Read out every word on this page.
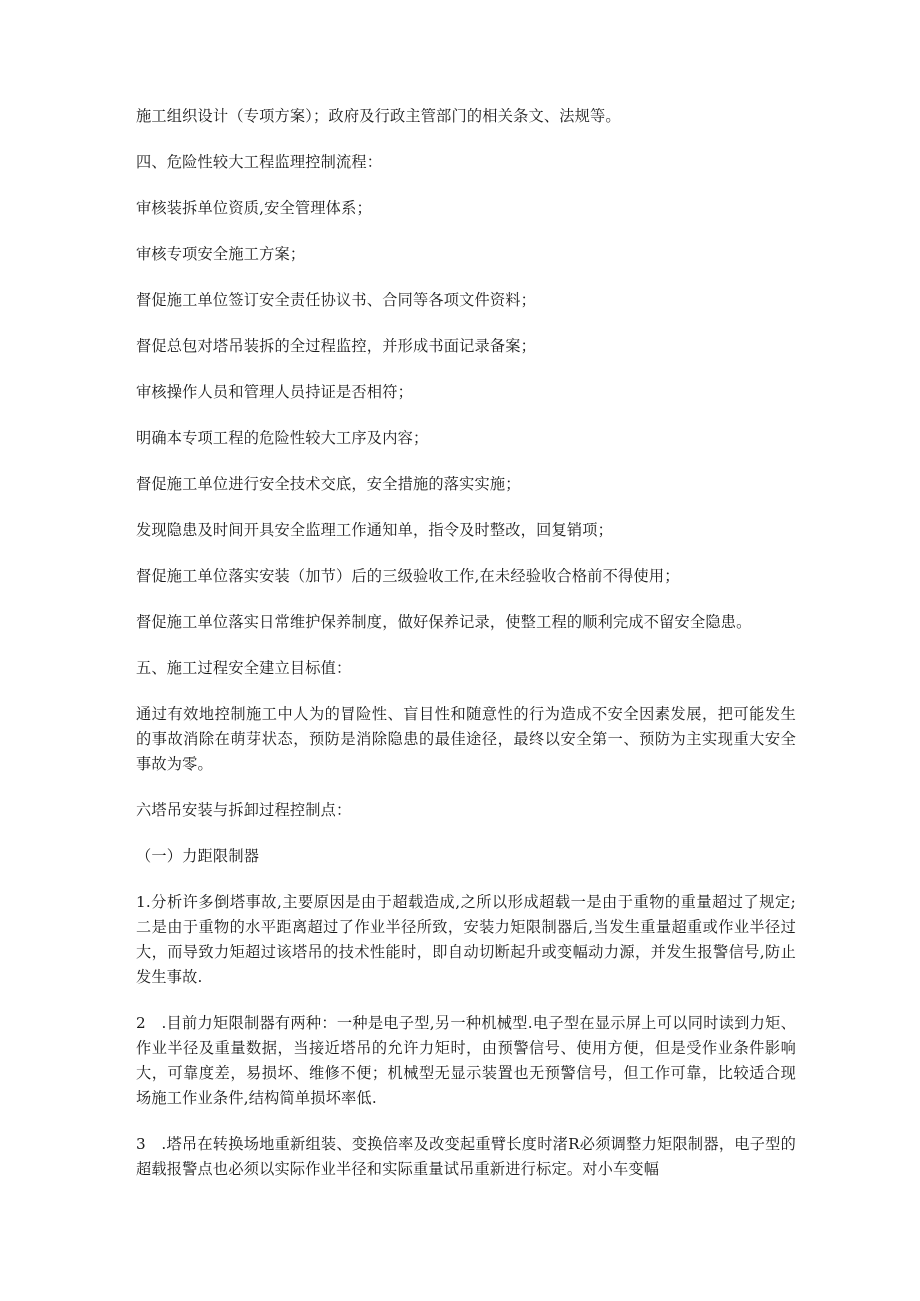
施工组织设计（专项方案）；政府及行政主管部门的相关条文、法规等。

四、危险性较大工程监理控制流程：

审核装拆单位资质,安全管理体系；

审核专项安全施工方案；

督促施工单位签订安全责任协议书、合同等各项文件资料；

督促总包对塔吊装拆的全过程监控，并形成书面记录备案；

审核操作人员和管理人员持证是否相符；

明确本专项工程的危险性较大工序及内容；

督促施工单位进行安全技术交底，安全措施的落实实施；

发现隐患及时间开具安全监理工作通知单，指令及时整改，回复销项；

督促施工单位落实安装（加节）后的三级验收工作,在未经验收合格前不得使用；

督促施工单位落实日常维护保养制度，做好保养记录，使整工程的顺利完成不留安全隐患。

五、施工过程安全建立目标值：

通过有效地控制施工中人为的冒险性、盲目性和随意性的行为造成不安全因素发展，把可能发生的事故消除在萌芽状态，预防是消除隐患的最佳途径，最终以安全第一、预防为主实现重大安全事故为零。

六塔吊安装与拆卸过程控制点：

（一）力距限制器

1.分析许多倒塔事故,主要原因是由于超载造成,之所以形成超载一是由于重物的重量超过了规定;二是由于重物的水平距离超过了作业半径所致，安装力矩限制器后,当发生重量超重或作业半径过大，而导致力矩超过该塔吊的技术性能时，即自动切断起升或变幅动力源，并发生报警信号,防止发生事故.

2　.目前力矩限制器有两种：一种是电子型,另一种机械型.电子型在显示屏上可以同时读到力矩、作业半径及重量数据，当接近塔吊的允许力矩时，由预警信号、使用方便，但是受作业条件影响大，可靠度差，易损坏、维修不便；机械型无显示装置也无预警信号，但工作可靠，比较适合现场施工作业条件,结构简单损坏率低.

3　.塔吊在转换场地重新组装、变换倍率及改变起重臂长度时渚R必须调整力矩限制器，电子型的超载报警点也必须以实际作业半径和实际重量试吊重新进行标定。对小车变幅
